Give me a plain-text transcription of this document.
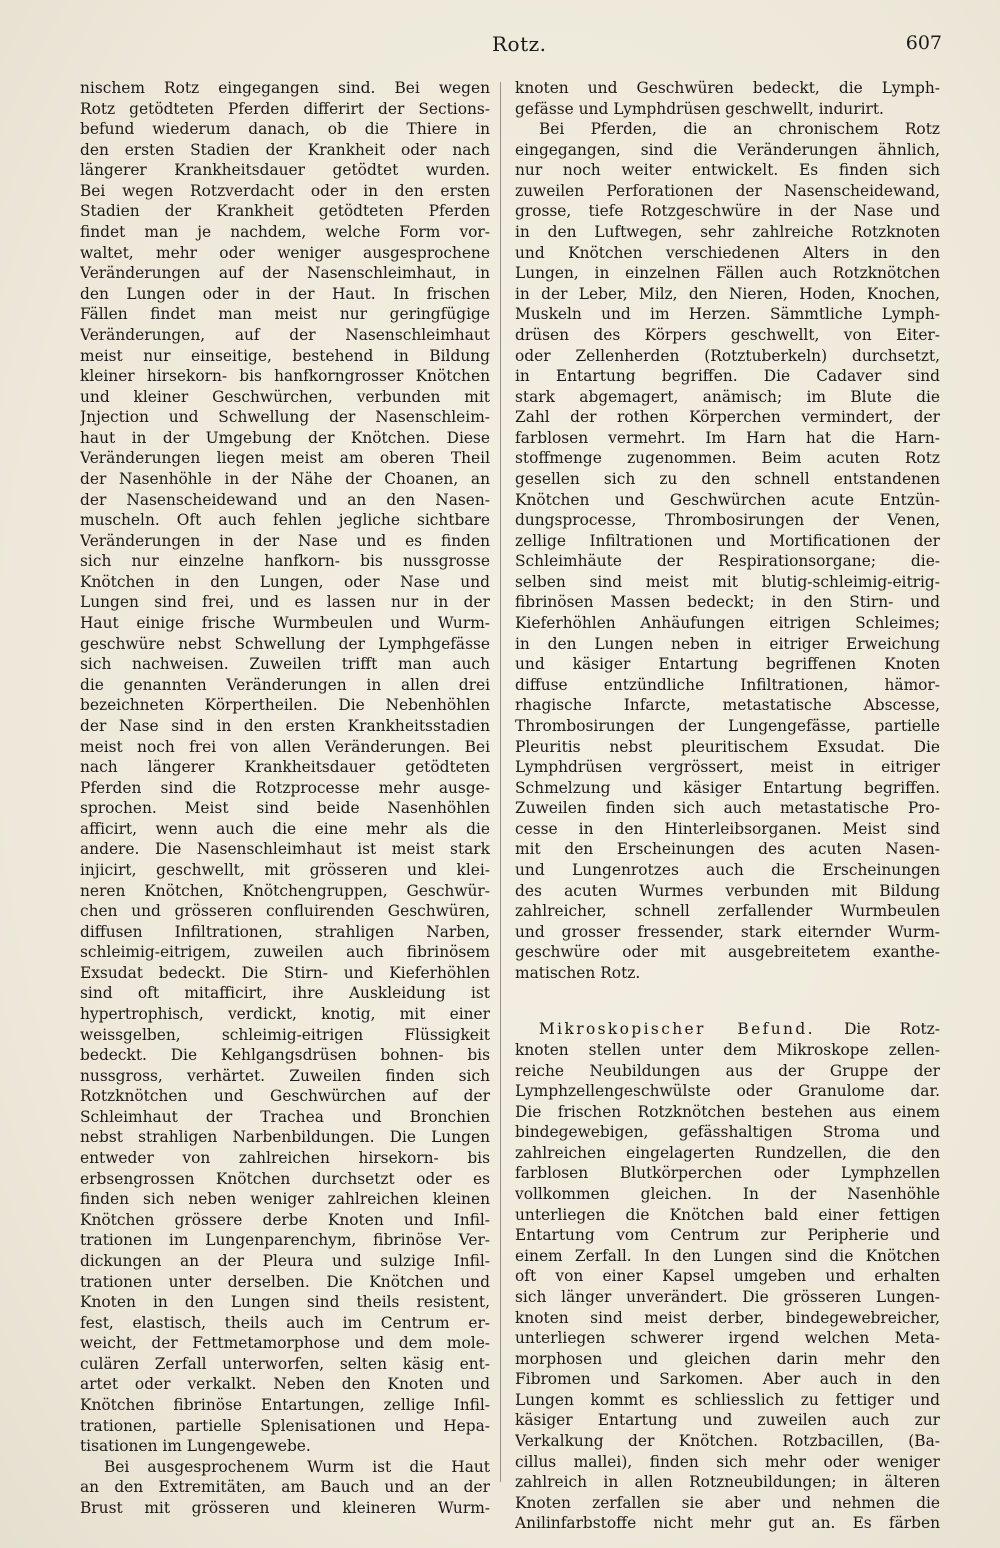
Rotz.	607
nischem Rotz eingegangen sind. Bei wegen
Rotz getödteten Pferden differirt der Sections-
befund wiederum danach, ob die Thiere in
den ersten Stadien der Krankheit oder nach
längerer Krankheitsdauer getödtet wurden.
Bei wegen Rotzverdacht oder in den ersten
Stadien der Krankheit getödteten Pferden
findet man je nachdem, welche Form vor-
waltet, mehr oder weniger ausgesprochene
Veränderungen auf der Nasenschleimhaut, in
den Lungen oder in der Haut. In frischen
Fällen findet man meist nur geringfügige
Veränderungen, auf der Nasenschleimhaut
meist nur einseitige, bestehend in Bildung
kleiner hirsekorn- bis hanfkorngrosser Knötchen
und kleiner Geschwürchen, verbunden mit
Jnjection und Schwellung der Nasenschleim-
haut in der Umgebung der Knötchen. Diese
Veränderungen liegen meist am oberen Theil
der Nasenhöhle in der Nähe der Choanen, an
der Nasenscheidewand und an den Nasen-
muscheln. Oft auch fehlen jegliche sichtbare
Veränderungen in der Nase und es finden
sich nur einzelne hanfkorn- bis nussgrosse
Knötchen in den Lungen, oder Nase und
Lungen sind frei, und es lassen nur in der
Haut einige frische Wurmbeulen und Wurm-
geschwüre nebst Schwellung der Lymphgefässe
sich nachweisen. Zuweilen trifft man auch
die genannten Veränderungen in allen drei
bezeichneten Körpertheilen. Die Nebenhöhlen
der Nase sind in den ersten Krankheitsstadien
meist noch frei von allen Veränderungen. Bei
nach längerer Krankheitsdauer getödteten
Pferden sind die Rotzprocesse mehr ausge-
sprochen. Meist sind beide Nasenhöhlen
afficirt, wenn auch die eine mehr als die
andere. Die Nasenschleimhaut ist meist stark
injicirt, geschwellt, mit grösseren und klei-
neren Knötchen, Knötchengruppen, Geschwür-
chen und grösseren confluirenden Geschwüren,
diffusen Infiltrationen, strahligen Narben,
schleimig-eitrigem, zuweilen auch fibrinösem
Exsudat bedeckt. Die Stirn- und Kieferhöhlen
sind oft mitafficirt, ihre Auskleidung ist
hypertrophisch, verdickt, knotig, mit einer
weissgelben, schleimig-eitrigen Flüssigkeit
bedeckt. Die Kehlgangsdrüsen bohnen- bis
nussgross, verhärtet. Zuweilen finden sich
Rotzknötchen und Geschwürchen auf der
Schleimhaut der Trachea und Bronchien
nebst strahligen Narbenbildungen. Die Lungen
entweder von zahlreichen hirsekorn- bis
erbsengrossen Knötchen durchsetzt oder es
finden sich neben weniger zahlreichen kleinen
Knötchen grössere derbe Knoten und Infil-
trationen im Lungenparenchym, fibrinöse Ver-
dickungen an der Pleura und sulzige Infil-
trationen unter derselben. Die Knötchen und
Knoten in den Lungen sind theils resistent,
fest, elastisch, theils auch im Centrum er-
weicht, der Fettmetamorphose und dem mole-
culären Zerfall unterworfen, selten käsig ent-
artet oder verkalkt. Neben den Knoten und
Knötchen fibrinöse Entartungen, zellige Infil-
trationen, partielle Splenisationen und Hepa-
tisationen im Lungengewebe.
Bei ausgesprochenem Wurm ist die Haut
an den Extremitäten, am Bauch und an der
Brust mit grösseren und kleineren Wurm-
knoten und Geschwüren bedeckt, die Lymph-
gefässe und Lymphdrüsen geschwellt, indurirt.
Bei Pferden, die an chronischem Rotz
eingegangen, sind die Veränderungen ähnlich,
nur noch weiter entwickelt. Es finden sich
zuweilen Perforationen der Nasenscheidewand,
grosse, tiefe Rotzgeschwüre in der Nase und
in den Luftwegen, sehr zahlreiche Rotzknoten
und Knötchen verschiedenen Alters in den
Lungen, in einzelnen Fällen auch Rotzknötchen
in der Leber, Milz, den Nieren, Hoden, Knochen,
Muskeln und im Herzen. Sämmtliche Lymph-
drüsen des Körpers geschwellt, von Eiter-
oder Zellenherden (Rotztuberkeln) durchsetzt,
in Entartung begriffen. Die Cadaver sind
stark abgemagert, anämisch; im Blute die
Zahl der rothen Körperchen vermindert, der
farblosen vermehrt. Im Harn hat die Harn-
stoffmenge zugenommen. Beim acuten Rotz
gesellen sich zu den schnell entstandenen
Knötchen und Geschwürchen acute Entzün-
dungsprocesse, Thrombosirungen der Venen,
zellige Infiltrationen und Mortificationen der
Schleimhäute der Respirationsorgane; die-
selben sind meist mit blutig-schleimig-eitrig-
fibrinösen Massen bedeckt; in den Stirn- und
Kieferhöhlen Anhäufungen eitrigen Schleimes;
in den Lungen neben in eitriger Erweichung
und käsiger Entartung begriffenen Knoten
diffuse entzündliche Infiltrationen, hämor-
rhagische Infarcte, metastatische Abscesse,
Thrombosirungen der Lungengefässe, partielle
Pleuritis nebst pleuritischem Exsudat. Die
Lymphdrüsen vergrössert, meist in eitriger
Schmelzung und käsiger Entartung begriffen.
Zuweilen finden sich auch metastatische Pro-
cesse in den Hinterleibsorganen. Meist sind
mit den Erscheinungen des acuten Nasen-
und Lungenrotzes auch die Erscheinungen
des acuten Wurmes verbunden mit Bildung
zahlreicher, schnell zerfallender Wurmbeulen
und grosser fressender, stark eiternder Wurm-
geschwüre oder mit ausgebreitetem exanthe-
matischen Rotz.
Mikroskopischer Befund. Die Rotz-
knoten stellen unter dem Mikroskope zellen-
reiche Neubildungen aus der Gruppe der
Lymphzellengeschwülste oder Granulome dar.
Die frischen Rotzknötchen bestehen aus einem
bindegewebigen, gefässhaltigen Stroma und
zahlreichen eingelagerten Rundzellen, die den
farblosen Blutkörperchen oder Lymphzellen
vollkommen gleichen. In der Nasenhöhle
unterliegen die Knötchen bald einer fettigen
Entartung vom Centrum zur Peripherie und
einem Zerfall. In den Lungen sind die Knötchen
oft von einer Kapsel umgeben und erhalten
sich länger unverändert. Die grösseren Lungen-
knoten sind meist derber, bindegewebreicher,
unterliegen schwerer irgend welchen Meta-
morphosen und gleichen darin mehr den
Fibromen und Sarkomen. Aber auch in den
Lungen kommt es schliesslich zu fettiger und
käsiger Entartung und zuweilen auch zur
Verkalkung der Knötchen. Rotzbacillen, (Ba-
cillus mallei), finden sich mehr oder weniger
zahlreich in allen Rotzneubildungen; in älteren
Knoten zerfallen sie aber und nehmen die
Anilinfarbstoffe nicht mehr gut an. Es färben
